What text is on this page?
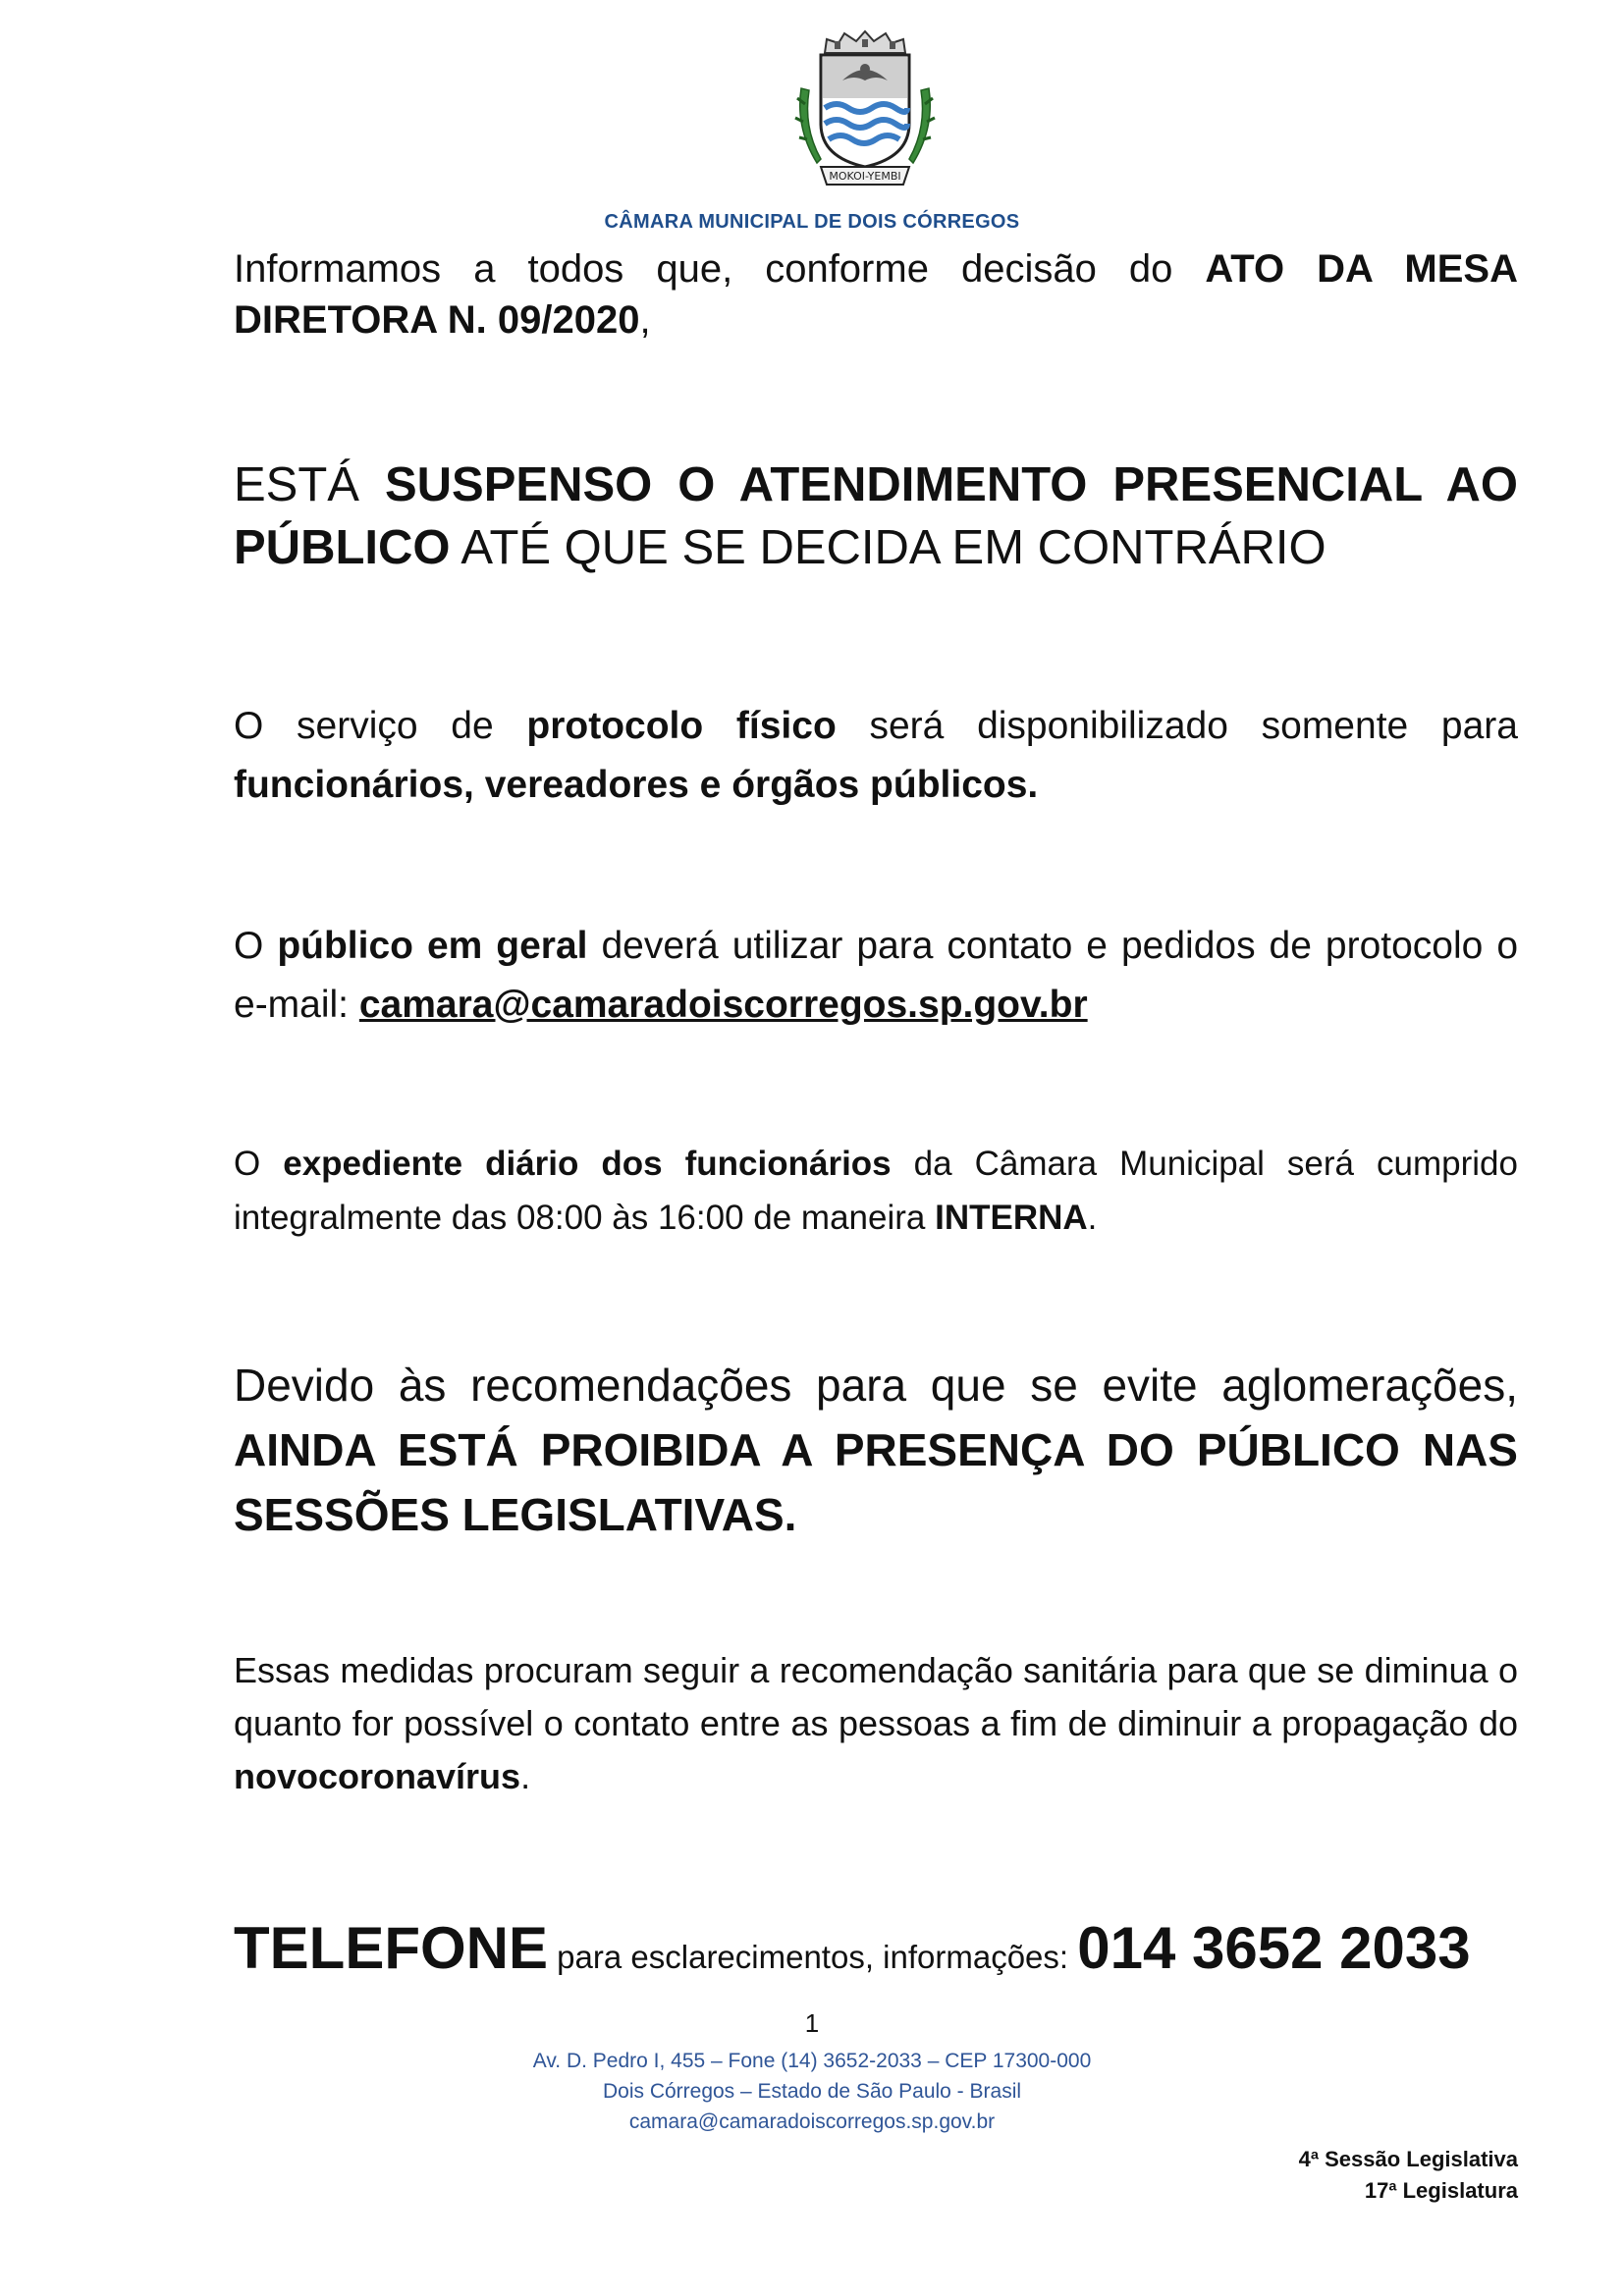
MOKOI-YEMBI
CÂMARA MUNICIPAL DE DOIS CÓRREGOS

Informamos a todos que, conforme decisão do ATO DA MESA DIRETORA N. 09/2020,

ESTÁ SUSPENSO O ATENDIMENTO PRESENCIAL AO PÚBLICO ATÉ QUE SE DECIDA EM CONTRÁRIO

O serviço de protocolo físico será disponibilizado somente para funcionários, vereadores e órgãos públicos.

O público em geral deverá utilizar para contato e pedidos de protocolo o e-mail: camara@camaradoiscorregos.sp.gov.br

O expediente diário dos funcionários da Câmara Municipal será cumprido integralmente das 08:00 às 16:00 de maneira INTERNA.

Devido às recomendações para que se evite aglomerações, AINDA ESTÁ PROIBIDA A PRESENÇA DO PÚBLICO NAS SESSÕES LEGISLATIVAS.

Essas medidas procuram seguir a recomendação sanitária para que se diminua o quanto for possível o contato entre as pessoas a fim de diminuir a propagação do novocoronavírus.

TELEFONE para esclarecimentos, informações: 014 3652 2033

1
Av. D. Pedro I, 455 – Fone (14) 3652-2033 – CEP 17300-000
Dois Córregos – Estado de São Paulo - Brasil
camara@camaradoiscorregos.sp.gov.br
4ª Sessão Legislativa
17ª Legislatura
